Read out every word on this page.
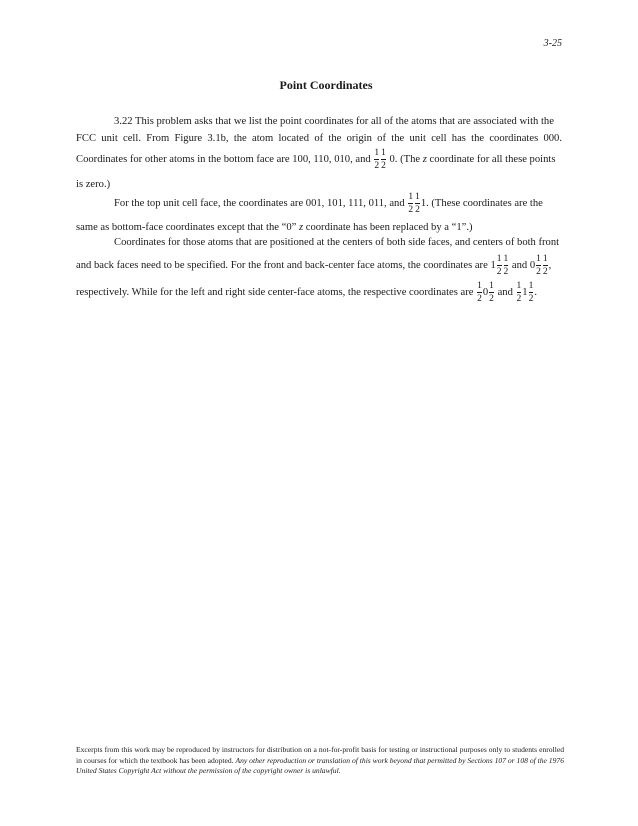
3-25
Point Coordinates
3.22 This problem asks that we list the point coordinates for all of the atoms that are associated with the
FCC unit cell. From Figure 3.1b, the atom located of the origin of the unit cell has the coordinates 000.
Coordinates for other atoms in the bottom face are 100, 110, 010, and $\frac{1}{2} \frac{1}{2} 0$. (The z coordinate for all these points
is zero.)
For the top unit cell face, the coordinates are 001, 101, 111, 011, and $\frac{1}{2} \frac{1}{2} 1$. (These coordinates are the
same as bottom-face coordinates except that the “0” z coordinate has been replaced by a “1”.)
Coordinates for those atoms that are positioned at the centers of both side faces, and centers of both front
and back faces need to be specified. For the front and back-center face atoms, the coordinates are $1 \frac{1}{2} \frac{1}{2}$ and $0 \frac{1}{2} \frac{1}{2}$ ,
respectively. While for the left and right side center-face atoms, the respective coordinates are $\frac{1}{2} 0 \frac{1}{2}$ and $\frac{1}{2} 1 \frac{1}{2}$ .
Excerpts from this work may be reproduced by instructors for distribution on a not-for-profit basis for testing or instructional purposes only to students enrolled in courses for which the textbook has been adopted. Any other reproduction or translation of this work beyond that permitted by Sections 107 or 108 of the 1976 United States Copyright Act without the permission of the copyright owner is unlawful.
